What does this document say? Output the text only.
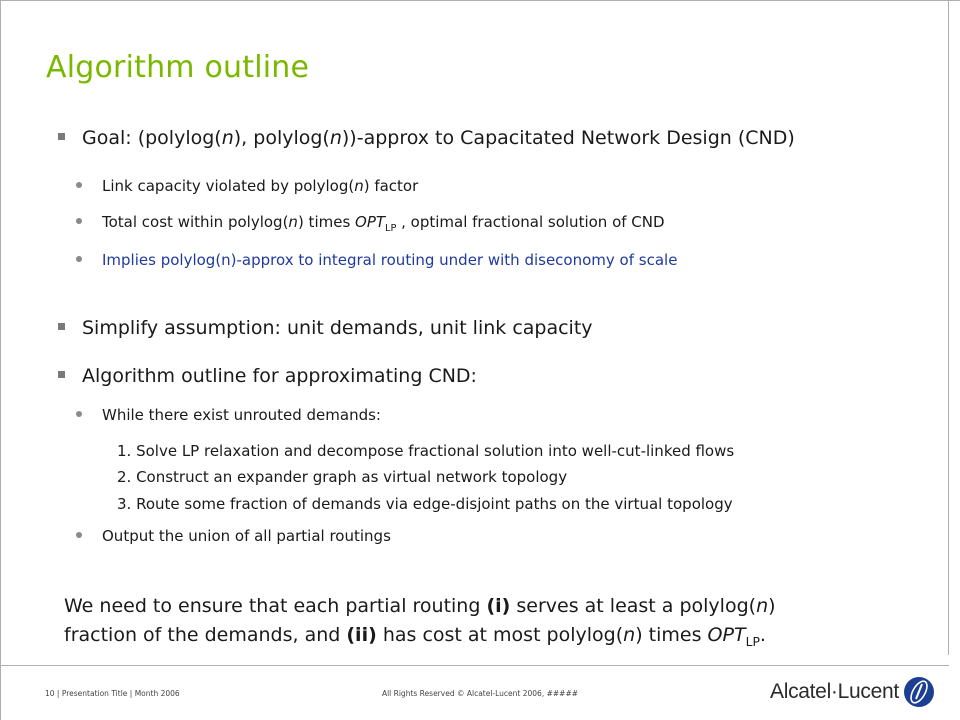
Algorithm outline
Goal: (polylog(n), polylog(n))-approx to Capacitated Network Design (CND)
Link capacity violated by polylog(n) factor
Total cost within polylog(n) times $OPT_{LP}$ , optimal fractional solution of CND
Implies polylog(n)-approx to integral routing under with diseconomy of scale
Simplify assumption: unit demands, unit link capacity
Algorithm outline for approximating CND:
While there exist unrouted demands:
1. Solve LP relaxation and decompose fractional solution into well-cut-linked flows
2. Construct an expander graph as virtual network topology
3. Route some fraction of demands via edge-disjoint paths on the virtual topology
Output the union of all partial routings
We need to ensure that each partial routing (i) serves at least a polylog(n)
fraction of the demands, and (ii) has cost at most polylog(n) times $OPT_{LP}$.
10 | Presentation Title | Month 2006	All Rights Reserved © Alcatel-Lucent 2006, #####	Alcatel·Lucent
